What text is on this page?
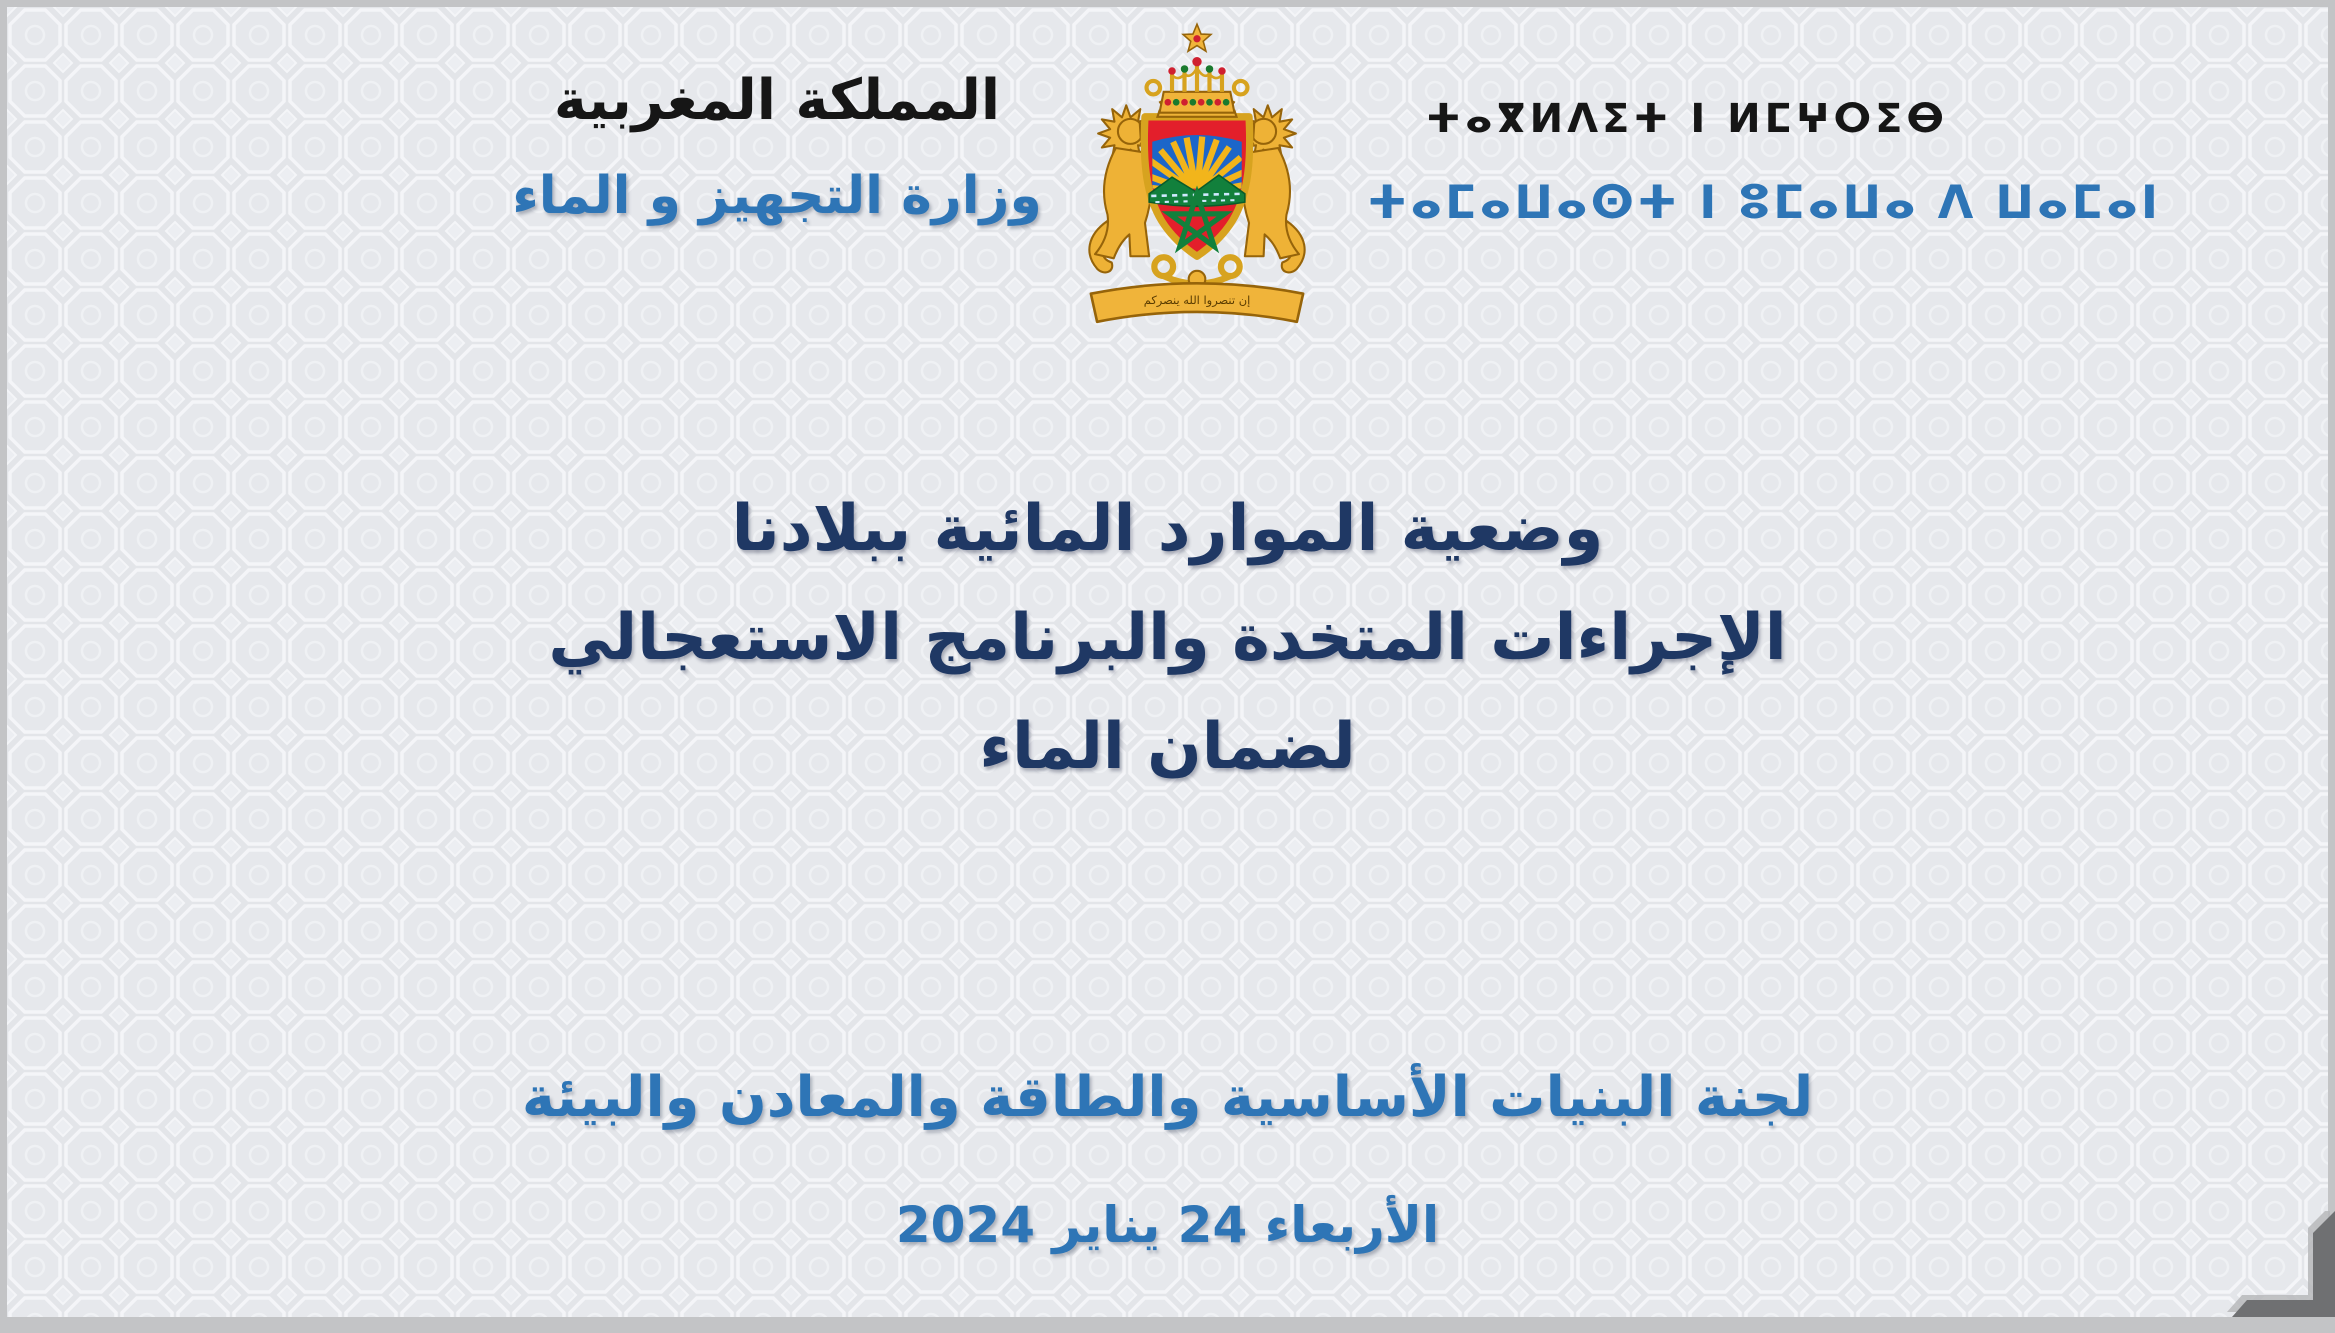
المملكة المغربية
وزارة التجهيز و الماء
إن تنصروا الله ينصركم
ⵜⴰⴳⵍⴷⵉⵜ ⵏ ⵍⵎⵖⵔⵉⴱ
ⵜⴰⵎⴰⵡⴰⵙⵜ ⵏ ⵓⵎⴰⵡⴰ ⴷ ⵡⴰⵎⴰⵏ
وضعية الموارد المائية ببلادنا
الإجراءات المتخدة والبرنامج الاستعجالي
لضمان الماء
لجنة البنيات الأساسية والطاقة والمعادن والبيئة
الأربعاء 24 يناير 2024
